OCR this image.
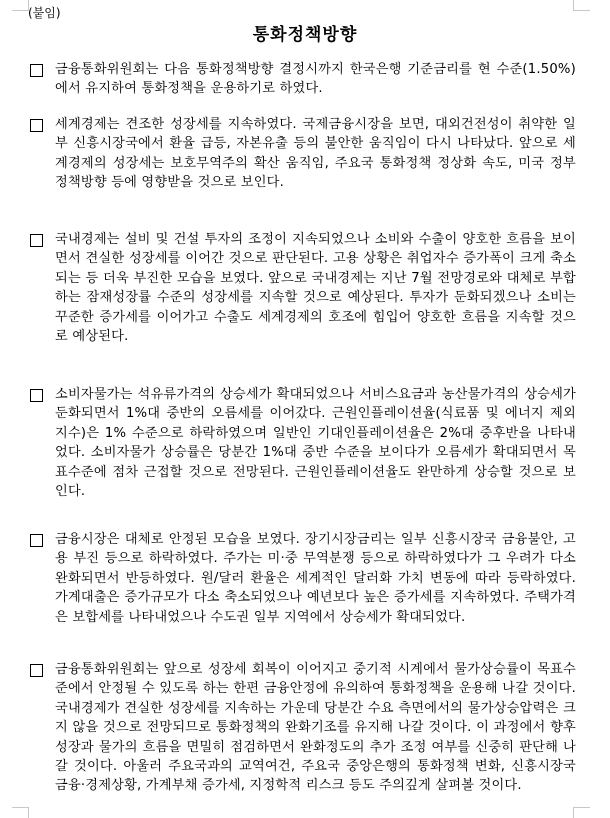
(붙임)
통화정책방향
금융통화위원회는 다음 통화정책방향 결정시까지 한국은행 기준금리를 현 수준(1.50%)에서 유지하여 통화정책을 운용하기로 하였다.
세계경제는 견조한 성장세를 지속하였다. 국제금융시장을 보면, 대외건전성이 취약한 일부 신흥시장국에서 환율 급등, 자본유출 등의 불안한 움직임이 다시 나타났다. 앞으로 세계경제의 성장세는 보호무역주의 확산 움직임, 주요국 통화정책 정상화 속도, 미국 정부 정책방향 등에 영향받을 것으로 보인다.
국내경제는 설비 및 건설 투자의 조정이 지속되었으나 소비와 수출이 양호한 흐름을 보이면서 견실한 성장세를 이어간 것으로 판단된다. 고용 상황은 취업자수 증가폭이 크게 축소되는 등 더욱 부진한 모습을 보였다. 앞으로 국내경제는 지난 7월 전망경로와 대체로 부합하는 잠재성장률 수준의 성장세를 지속할 것으로 예상된다. 투자가 둔화되겠으나 소비는 꾸준한 증가세를 이어가고 수출도 세계경제의 호조에 힘입어 양호한 흐름을 지속할 것으로 예상된다.
소비자물가는 석유류가격의 상승세가 확대되었으나 서비스요금과 농산물가격의 상승세가 둔화되면서 1%대 중반의 오름세를 이어갔다. 근원인플레이션율(식료품 및 에너지 제외 지수)은 1% 수준으로 하락하였으며 일반인 기대인플레이션율은 2%대 중후반을 나타내었다. 소비자물가 상승률은 당분간 1%대 중반 수준을 보이다가 오름세가 확대되면서 목표수준에 점차 근접할 것으로 전망된다. 근원인플레이션율도 완만하게 상승할 것으로 보인다.
금융시장은 대체로 안정된 모습을 보였다. 장기시장금리는 일부 신흥시장국 금융불안, 고용 부진 등으로 하락하였다. 주가는 미·중 무역분쟁 등으로 하락하였다가 그 우려가 다소 완화되면서 반등하였다. 원/달러 환율은 세계적인 달러화 가치 변동에 따라 등락하였다. 가계대출은 증가규모가 다소 축소되었으나 예년보다 높은 증가세를 지속하였다. 주택가격은 보합세를 나타내었으나 수도권 일부 지역에서 상승세가 확대되었다.
금융통화위원회는 앞으로 성장세 회복이 이어지고 중기적 시계에서 물가상승률이 목표수준에서 안정될 수 있도록 하는 한편 금융안정에 유의하여 통화정책을 운용해 나갈 것이다. 국내경제가 견실한 성장세를 지속하는 가운데 당분간 수요 측면에서의 물가상승압력은 크지 않을 것으로 전망되므로 통화정책의 완화기조를 유지해 나갈 것이다. 이 과정에서 향후 성장과 물가의 흐름을 면밀히 점검하면서 완화정도의 추가 조정 여부를 신중히 판단해 나갈 것이다. 아울러 주요국과의 교역여건, 주요국 중앙은행의 통화정책 변화, 신흥시장국 금융·경제상황, 가계부채 증가세, 지정학적 리스크 등도 주의깊게 살펴볼 것이다.
